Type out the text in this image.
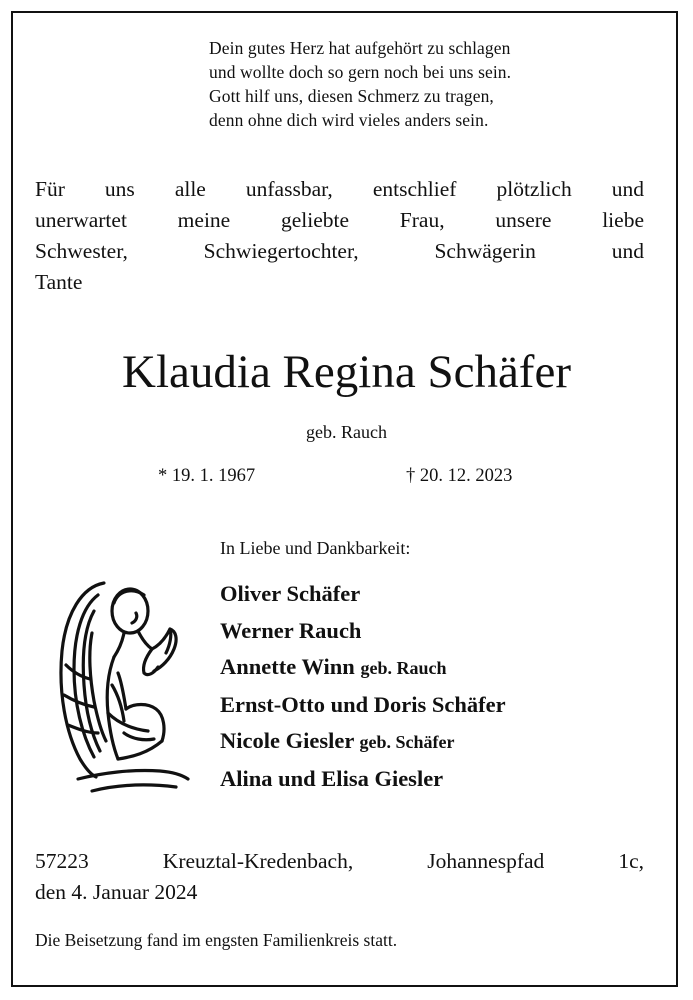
Dein gutes Herz hat aufgehört zu schlagen
und wollte doch so gern noch bei uns sein.
Gott hilf uns, diesen Schmerz zu tragen,
denn ohne dich wird vieles anders sein.
Für uns alle unfassbar, entschlief plötzlich und
unerwartet meine geliebte Frau, unsere liebe
Schwester, Schwiegertochter, Schwägerin und
Tante
Klaudia Regina Schäfer
geb. Rauch
* 19. 1. 1967	† 20. 12. 2023
In Liebe und Dankbarkeit:
Oliver Schäfer
Werner Rauch
Annette Winn geb. Rauch
Ernst-Otto und Doris Schäfer
Nicole Giesler geb. Schäfer
Alina und Elisa Giesler
57223 Kreuztal-Kredenbach, Johannespfad 1c,
den 4. Januar 2024
Die Beisetzung fand im engsten Familienkreis statt.
